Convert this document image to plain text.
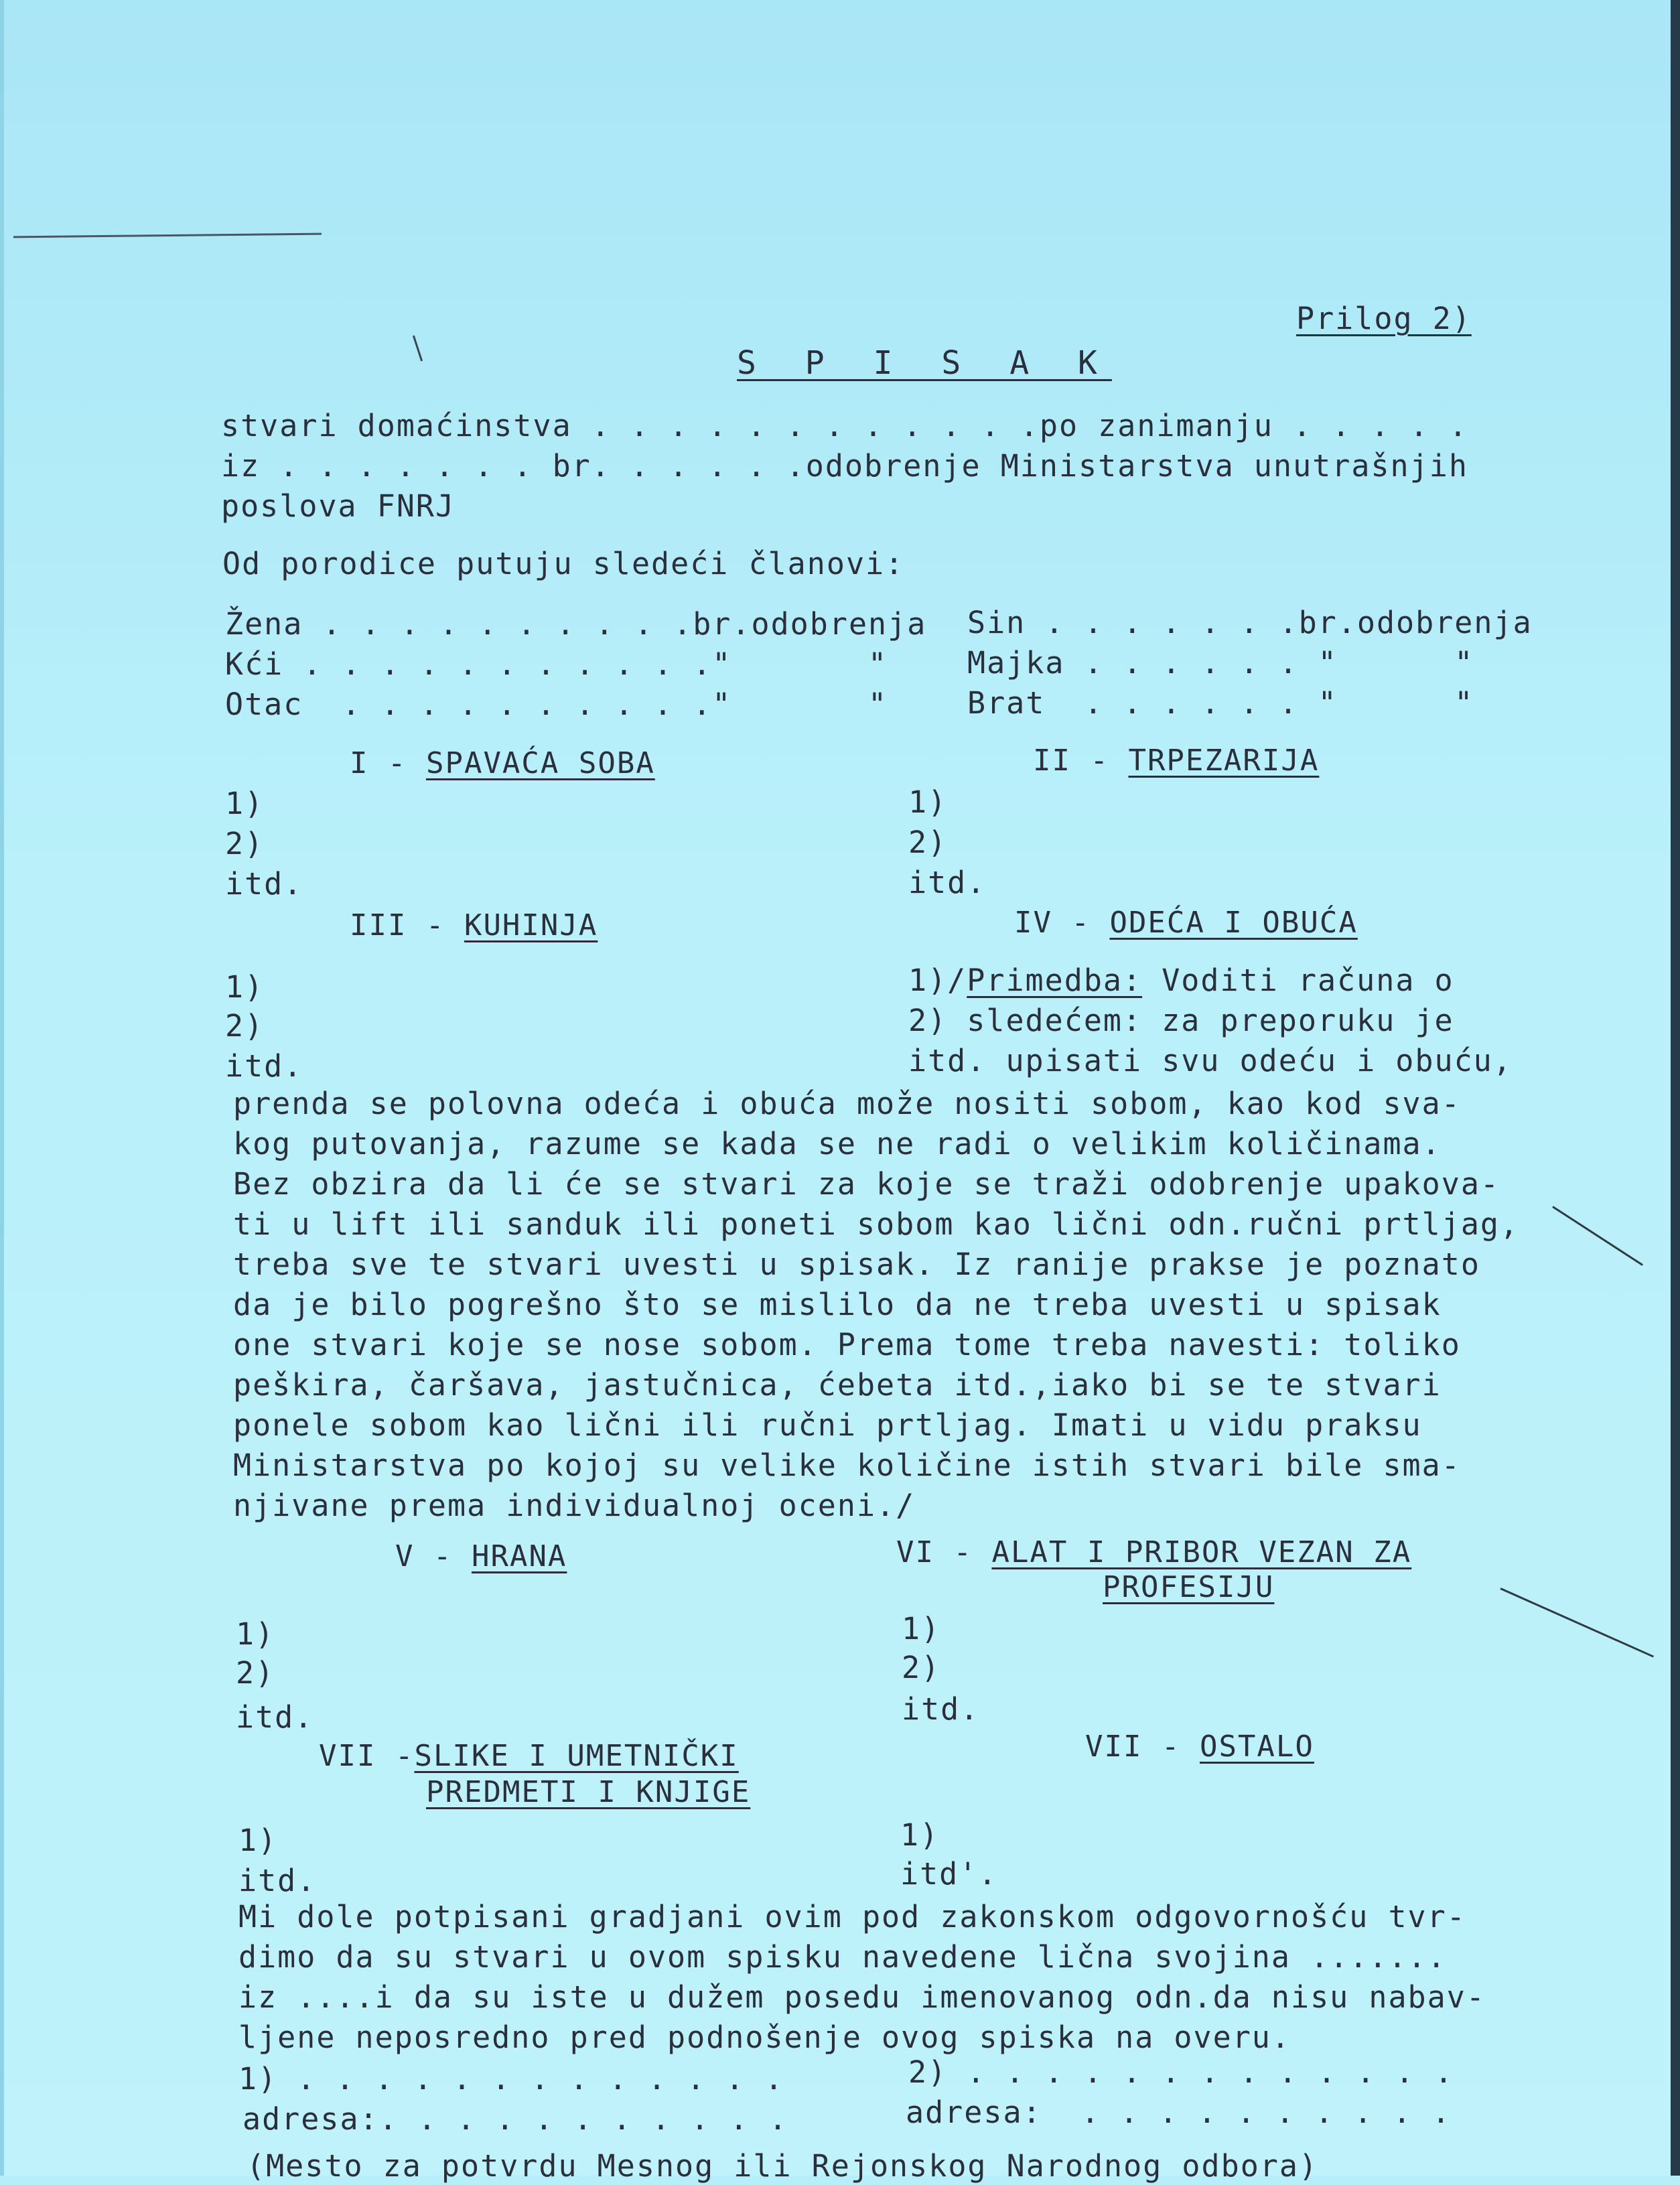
Prilog 2)
S P I S A K
stvari domaćinstva . . . . . . . . . . . .po zanimanju . . . . .
iz . . . . . . . br. . . . . .odobrenje Ministarstva unutrašnjih
poslova FNRJ
Od porodice putuju sledeći članovi:
Žena . . . . . . . . . .br.odobrenja
Kći . . . . . . . . . . ."       "
Otac  . . . . . . . . . ."       "
Sin . . . . . . .br.odobrenja
Majka . . . . . . "      "
Brat  . . . . . . "      "
I - SPAVAĆA SOBA	II - TRPEZARIJA
1)
2)
itd.
1)
2)
itd.
III - KUHINJA	IV - ODEĆA I OBUĆA
1)
2)
itd.
1)/Primedba: Voditi računa o
2) sledećem: za preporuku je
itd. upisati svu odeću i obuću,
prenda se polovna odeća i obuća može nositi sobom, kao kod sva-
kog putovanja, razume se kada se ne radi o velikim količinama.
Bez obzira da li će se stvari za koje se traži odobrenje upakova-
ti u lift ili sanduk ili poneti sobom kao lični odn.ručni prtljag,
treba sve te stvari uvesti u spisak. Iz ranije prakse je poznato
da je bilo pogrešno što se mislilo da ne treba uvesti u spisak
one stvari koje se nose sobom. Prema tome treba navesti: toliko
peškira, čaršava, jastučnica, ćebeta itd.,iako bi se te stvari
ponele sobom kao lični ili ručni prtljag. Imati u vidu praksu
Ministarstva po kojoj su velike količine istih stvari bile sma-
njivane prema individualnoj oceni./
V - HRANA	VI - ALAT I PRIBOR VEZAN ZA
PROFESIJU
1)
2)
itd.
1)
2)
itd.
VII -SLIKE I UMETNIČKI
PREDMETI I KNJIGE
VII - OSTALO
1)
itd.
1)
itd'.
Mi dole potpisani gradjani ovim pod zakonskom odgovornošću tvr-
dimo da su stvari u ovom spisku navedene lična svojina .......
iz ....i da su iste u dužem posedu imenovanog odn.da nisu nabav-
ljene neposredno pred podnošenje ovog spiska na overu.
1) . . . . . . . . . . . . .	2) . . . . . . . . . . . . .
adresa:. . . . . . . . . . .	adresa:  . . . . . . . . . .
(Mesto za potvrdu Mesnog ili Rejonskog Narodnog odbora)
